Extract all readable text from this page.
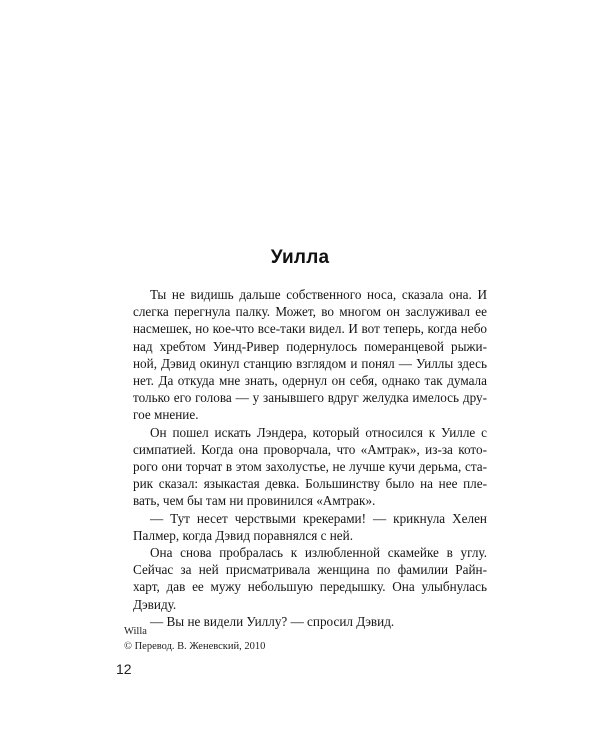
Уилла
Ты не видишь дальше собственного носа, сказала она. И
слегка перегнула палку. Может, во многом он заслуживал ее
насмешек, но кое-что все-таки видел. И вот теперь, когда небо
над хребтом Уинд-Ривер подернулось померанцевой рыжи-
ной, Дэвид окинул станцию взглядом и понял — Уиллы здесь
нет. Да откуда мне знать, одернул он себя, однако так думала
только его голова — у занывшего вдруг желудка имелось дру-
гое мнение.
Он пошел искать Лэндера, который относился к Уилле с
симпатией. Когда она проворчала, что «Амтрак», из-за кото-
рого они торчат в этом захолустье, не лучше кучи дерьма, ста-
рик сказал: языкастая девка. Большинству было на нее плe-
вать, чем бы там ни провинился «Амтрак».
— Тут несет черствыми крекерами! — крикнула Хелен
Палмер, когда Дэвид поравнялся с ней.
Она снова пробралась к излюбленной скамейке в углу.
Сейчас за ней присматривала женщина по фамилии Райн-
харт, дав ее мужу небольшую передышку. Она улыбнулась
Дэвиду.
— Вы не видели Уиллу? — спросил Дэвид.
Willa
© Перевод. В. Женевский, 2010
12
